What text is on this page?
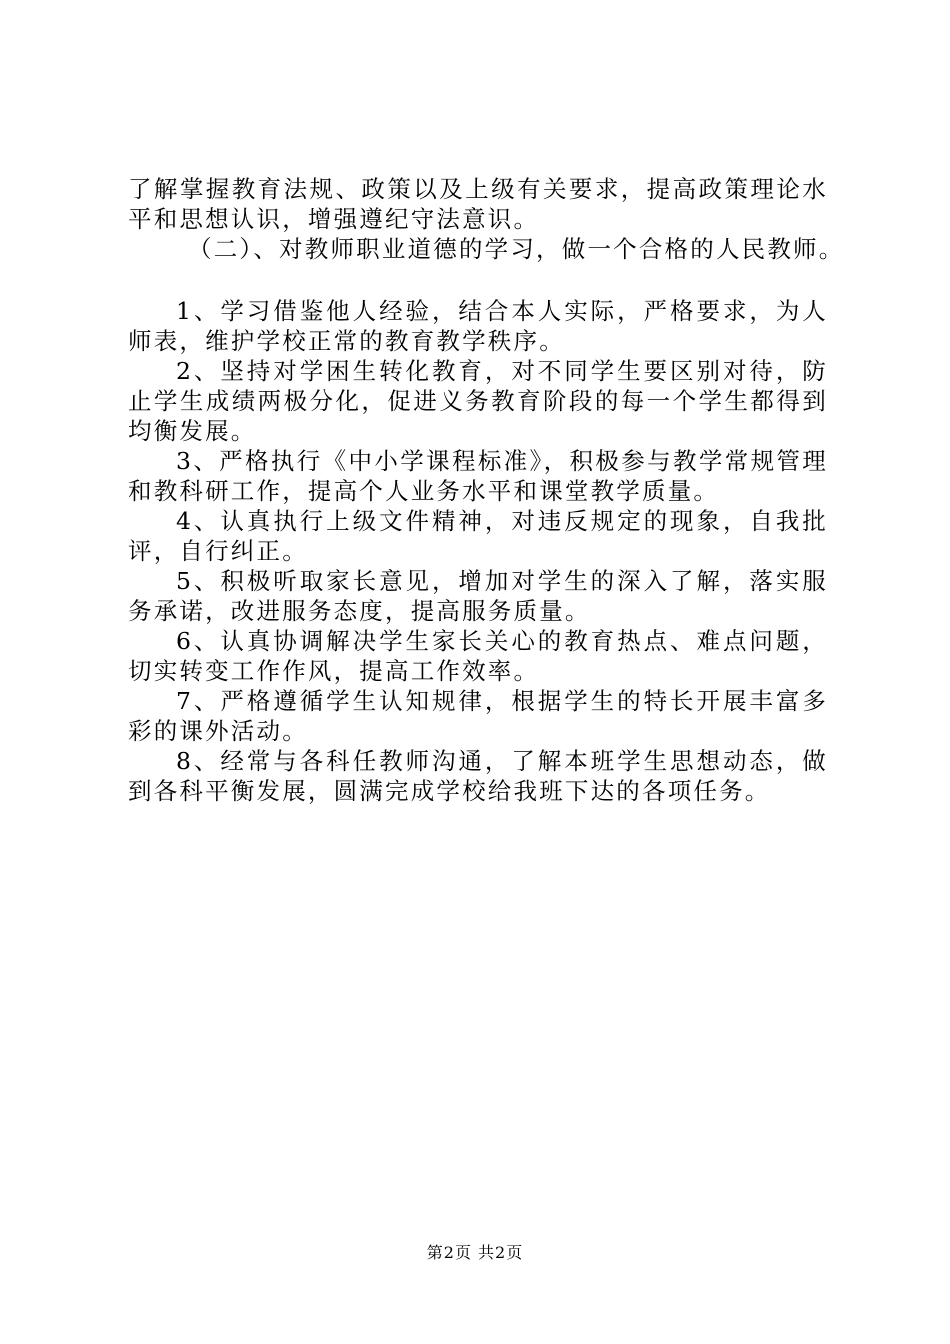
了解掌握教育法规、政策以及上级有关要求，提高政策理论水平和思想认识，增强遵纪守法意识。

（二）、对教师职业道德的学习，做一个合格的人民教师。

1、学习借鉴他人经验，结合本人实际，严格要求，为人师表，维护学校正常的教育教学秩序。

2、坚持对学困生转化教育，对不同学生要区别对待，防止学生成绩两极分化，促进义务教育阶段的每一个学生都得到均衡发展。

3、严格执行《中小学课程标准》，积极参与教学常规管理和教科研工作，提高个人业务水平和课堂教学质量。

4、认真执行上级文件精神，对违反规定的现象，自我批评，自行纠正。

5、积极听取家长意见，增加对学生的深入了解，落实服务承诺，改进服务态度，提高服务质量。

6、认真协调解决学生家长关心的教育热点、难点问题，切实转变工作作风，提高工作效率。

7、严格遵循学生认知规律，根据学生的特长开展丰富多彩的课外活动。

8、经常与各科任教师沟通，了解本班学生思想动态，做到各科平衡发展，圆满完成学校给我班下达的各项任务。

第2页 共2页
